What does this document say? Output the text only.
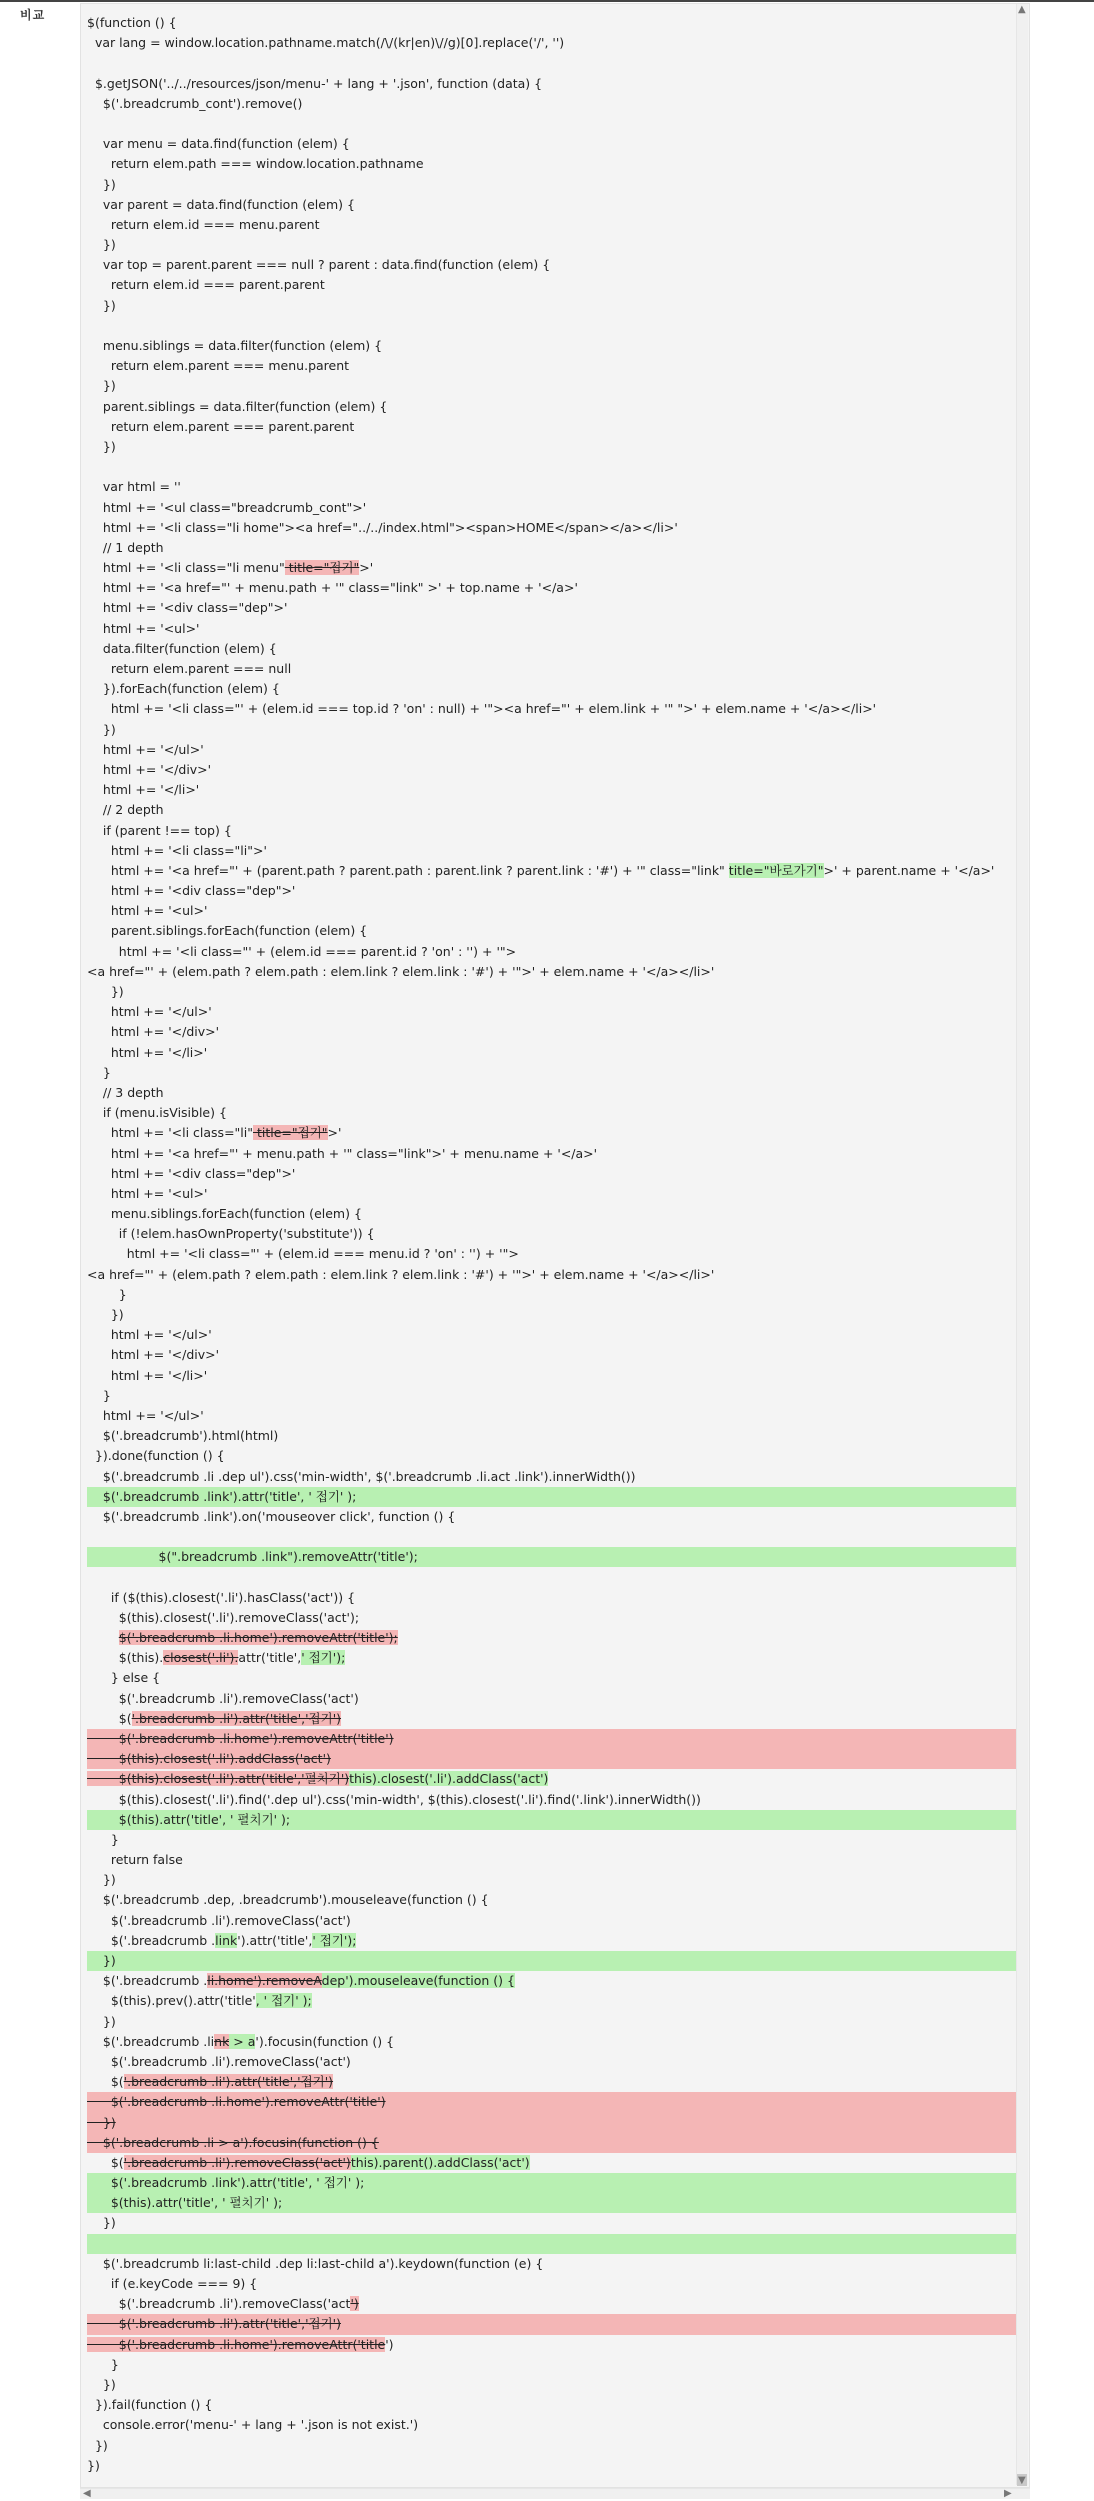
비교	$(function () {
var lang = window.location.pathname.match(/\/(kr|en)\//g)[0].replace('/', '')
$.getJSON('../../resources/json/menu-' + lang + '.json', function (data) {
$('.breadcrumb_cont').remove()
var menu = data.find(function (elem) {
return elem.path === window.location.pathname
})
var parent = data.find(function (elem) {
return elem.id === menu.parent
})
var top = parent.parent === null ? parent : data.find(function (elem) {
return elem.id === parent.parent
})
menu.siblings = data.filter(function (elem) {
return elem.parent === menu.parent
})
parent.siblings = data.filter(function (elem) {
return elem.parent === parent.parent
})
var html = ''
html += '<ul class="breadcrumb_cont">'
html += '<li class="li home"><a href="../../index.html"><span>HOME</span></a></li>'
// 1 depth
html += '<li class="li menu" title="접기">'
html += '<a href="' + menu.path + '" class="link" >' + top.name + '</a>'
html += '<div class="dep">'
html += '<ul>'
data.filter(function (elem) {
return elem.parent === null
}).forEach(function (elem) {
html += '<li class="' + (elem.id === top.id ? 'on' : null) + '"><a href="' + elem.link + '" ">' + elem.name + '</a></li>'
})
html += '</ul>'
html += '</div>'
html += '</li>'
// 2 depth
if (parent !== top) {
html += '<li class="li">'
html += '<a href="' + (parent.path ? parent.path : parent.link ? parent.link : '#') + '" class="link" title="바로가기">' + parent.name + '</a>'
html += '<div class="dep">'
html += '<ul>'
parent.siblings.forEach(function (elem) {
html += '<li class="' + (elem.id === parent.id ? 'on' : '') + '">
<a href="' + (elem.path ? elem.path : elem.link ? elem.link : '#') + '">' + elem.name + '</a></li>'
})
html += '</ul>'
html += '</div>'
html += '</li>'
}
// 3 depth
if (menu.isVisible) {
html += '<li class="li" title="접기">'
html += '<a href="' + menu.path + '" class="link">' + menu.name + '</a>'
html += '<div class="dep">'
html += '<ul>'
menu.siblings.forEach(function (elem) {
if (!elem.hasOwnProperty('substitute')) {
html += '<li class="' + (elem.id === menu.id ? 'on' : '') + '">
<a href="' + (elem.path ? elem.path : elem.link ? elem.link : '#') + '">' + elem.name + '</a></li>'
}
})
html += '</ul>'
html += '</div>'
html += '</li>'
}
html += '</ul>'
$('.breadcrumb').html(html)
}).done(function () {
$('.breadcrumb .li .dep ul').css('min-width', $('.breadcrumb .li.act .link').innerWidth())
$('.breadcrumb .link').attr('title', ' 접기' );
$('.breadcrumb .link').on('mouseover click', function () {
$(".breadcrumb .link").removeAttr('title');
if ($(this).closest('.li').hasClass('act')) {
$(this).closest('.li').removeClass('act');
$('.breadcrumb .li.home').removeAttr('title');
$(this).closest('.li').attr('title',' 접기');
} else {
$('.breadcrumb .li').removeClass('act')
$('.breadcrumb .li').attr('title','접기')
$('.breadcrumb .li.home').removeAttr('title')
$(this).closest('.li').addClass('act')
$(this).closest('.li').attr('title','펼치기')this).closest('.li').addClass('act')
$(this).closest('.li').find('.dep ul').css('min-width', $(this).closest('.li').find('.link').innerWidth())
$(this).attr('title', ' 펼치기' );
}
return false
})
$('.breadcrumb .dep, .breadcrumb').mouseleave(function () {
$('.breadcrumb .li').removeClass('act')
$('.breadcrumb .link').attr('title',' 접기');
})
$('.breadcrumb .li.home').removeAdep').mouseleave(function () {
$(this).prev().attr('title', ' 접기' );
})
$('.breadcrumb .link > a').focusin(function () {
$('.breadcrumb .li').removeClass('act')
$('.breadcrumb .li').attr('title','접기')
$('.breadcrumb .li.home').removeAttr('title')
})
$('.breadcrumb .li > a').focusin(function () {
$('.breadcrumb .li').removeClass('act')this).parent().addClass('act')
$('.breadcrumb .link').attr('title', ' 접기' );
$(this).attr('title', ' 펼치기' );
})

$('.breadcrumb li:last-child .dep li:last-child a').keydown(function (e) {
if (e.keyCode === 9) {
$('.breadcrumb .li').removeClass('act')
$('.breadcrumb .li').attr('title','접기')
$('.breadcrumb .li.home').removeAttr('title')
}
})
}).fail(function () {
console.error('menu-' + lang + '.json is not exist.')
})
})
▲
▼
◀	▶
